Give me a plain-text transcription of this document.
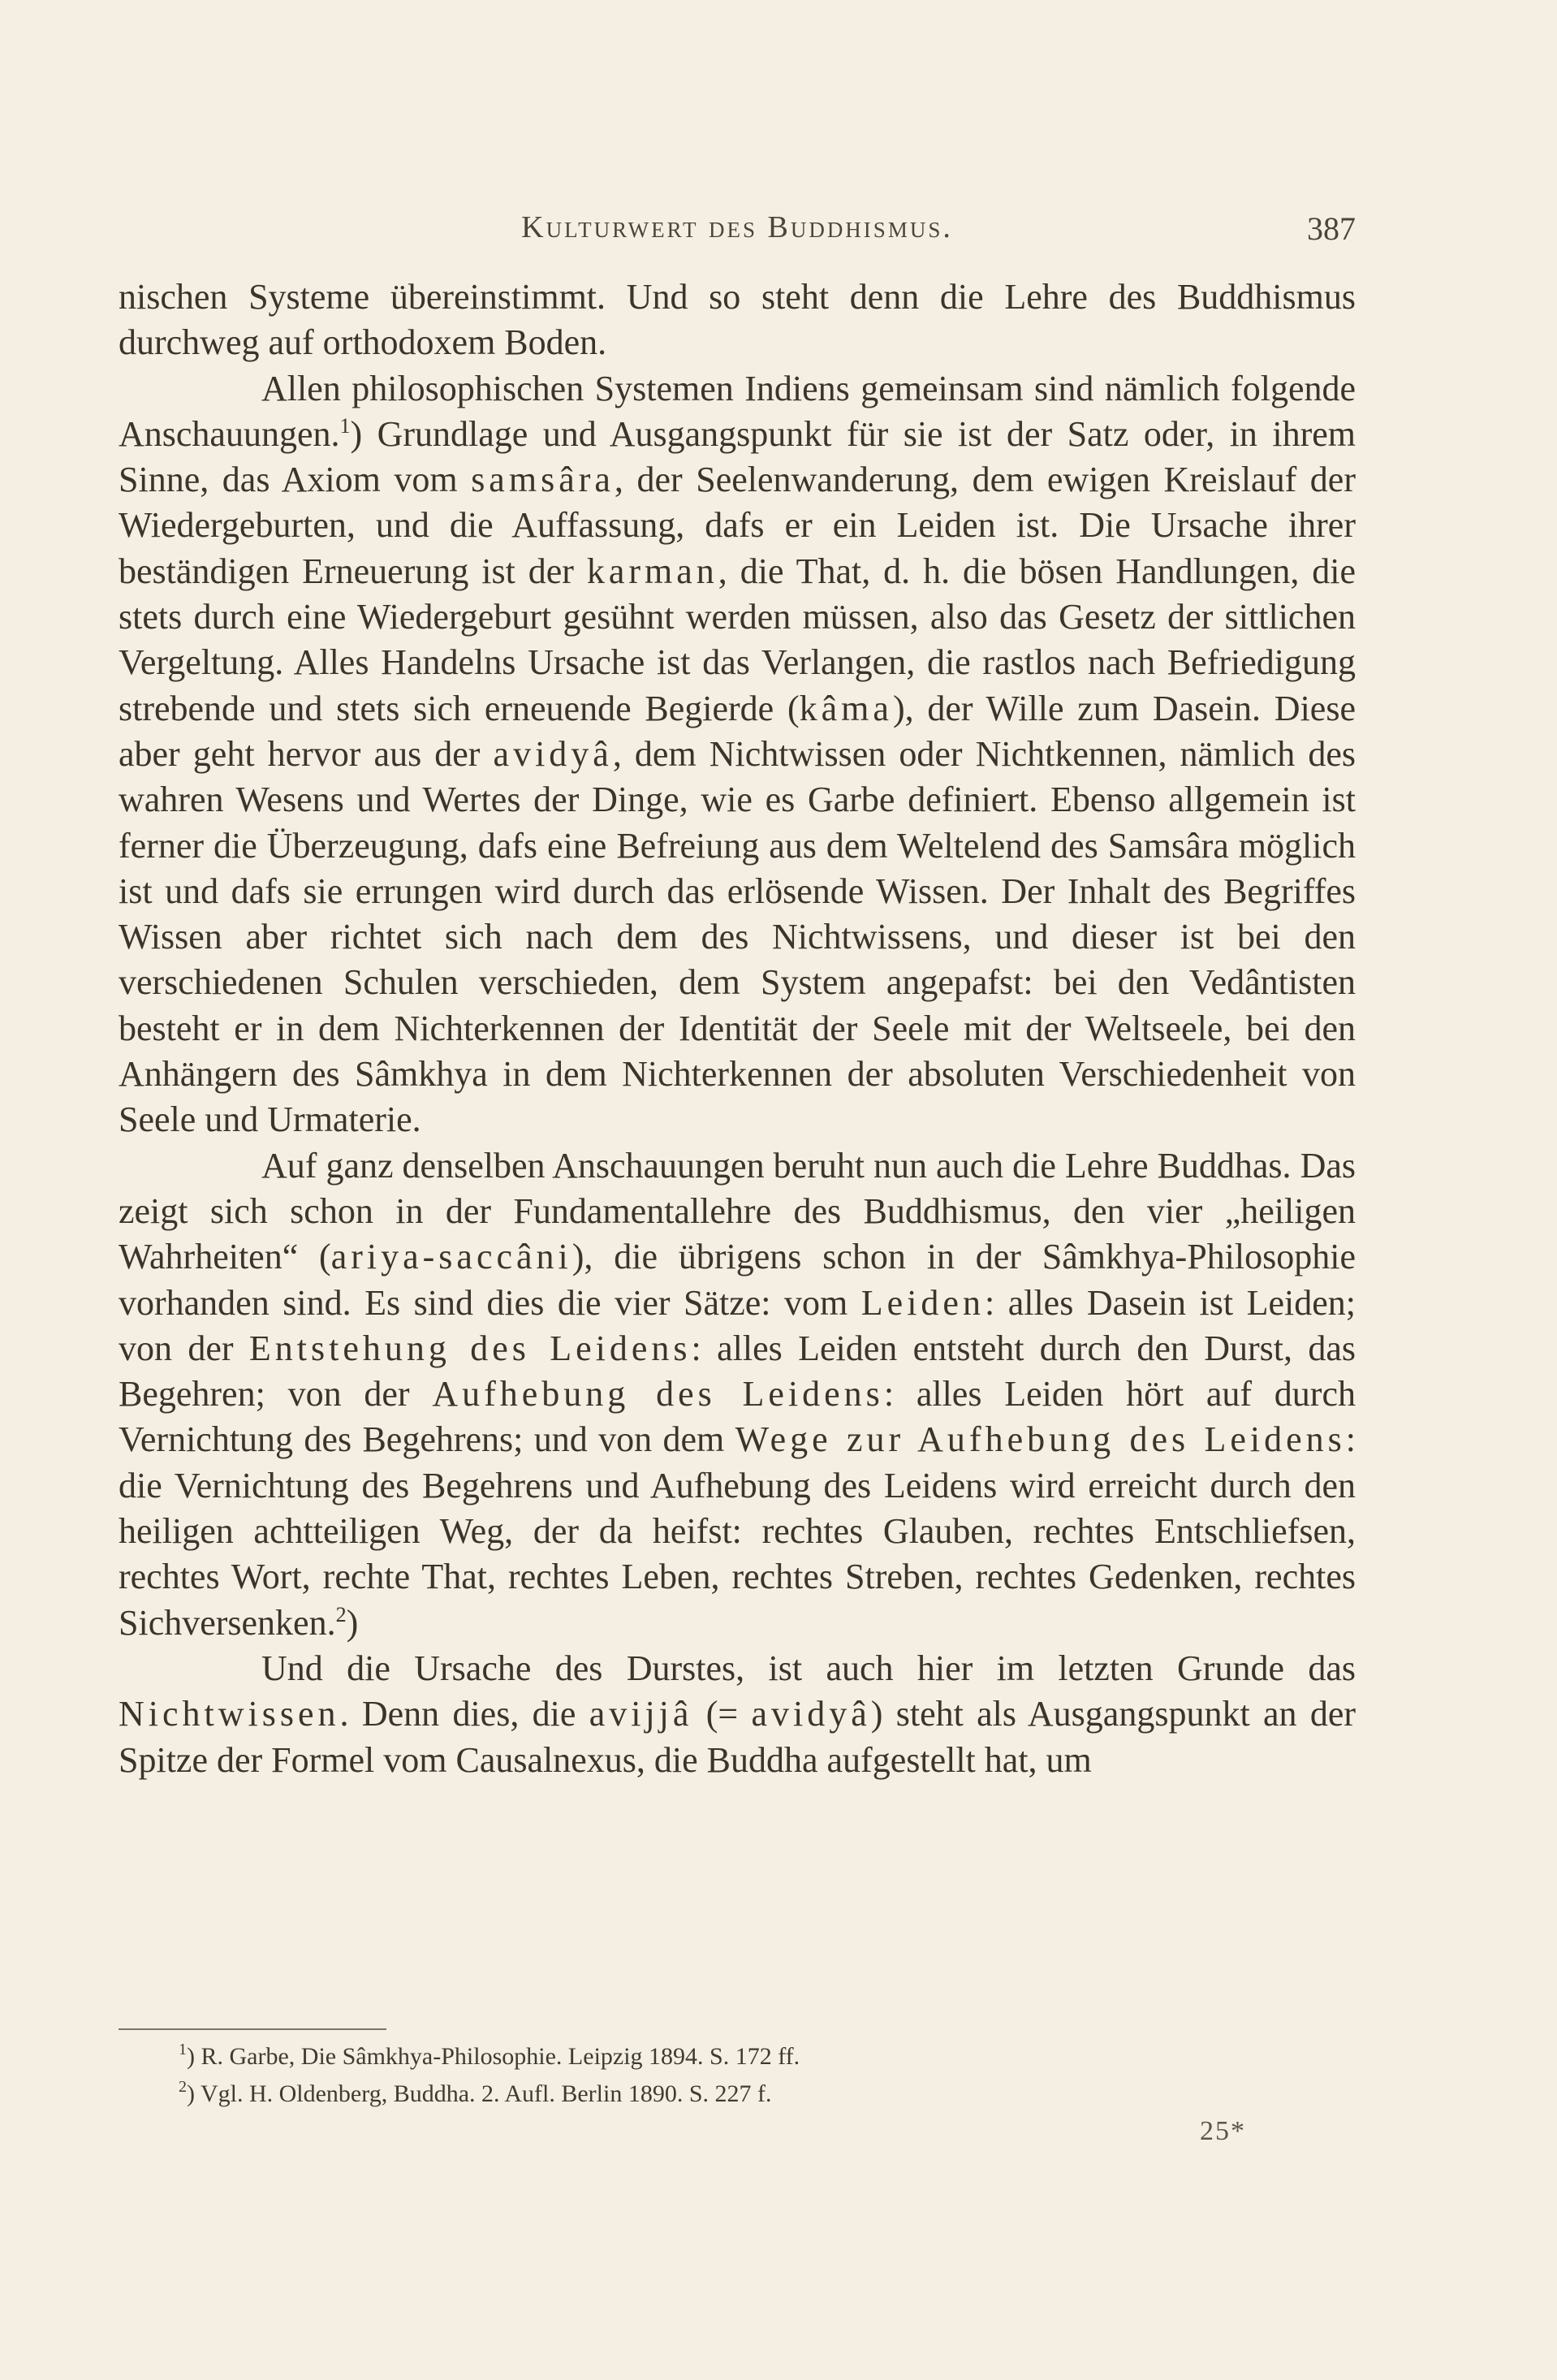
Kulturwert des Buddhismus.	387

nischen Systeme übereinstimmt. Und so steht denn die Lehre des Buddhismus durchweg auf orthodoxem Boden.

Allen philosophischen Systemen Indiens gemeinsam sind nämlich folgende Anschauungen.$^1$) Grundlage und Ausgangspunkt für sie ist der Satz oder, in ihrem Sinne, das Axiom vom samsâra, der Seelenwanderung, dem ewigen Kreislauf der Wiedergeburten, und die Auffassung, dafs er ein Leiden ist. Die Ursache ihrer beständigen Erneuerung ist der karman, die That, d. h. die bösen Handlungen, die stets durch eine Wiedergeburt gesühnt werden müssen, also das Gesetz der sittlichen Vergeltung. Alles Handelns Ursache ist das Verlangen, die rastlos nach Befriedigung strebende und stets sich erneuende Begierde (kâma), der Wille zum Dasein. Diese aber geht hervor aus der avidyâ, dem Nichtwissen oder Nichtkennen, nämlich des wahren Wesens und Wertes der Dinge, wie es Garbe definiert. Ebenso allgemein ist ferner die Überzeugung, dafs eine Befreiung aus dem Weltelend des Samsâra möglich ist und dafs sie errungen wird durch das erlösende Wissen. Der Inhalt des Begriffes Wissen aber richtet sich nach dem des Nichtwissens, und dieser ist bei den verschiedenen Schulen verschieden, dem System angepafst: bei den Vedântisten besteht er in dem Nichterkennen der Identität der Seele mit der Weltseele, bei den Anhängern des Sâmkhya in dem Nichterkennen der absoluten Verschiedenheit von Seele und Urmaterie.

Auf ganz denselben Anschauungen beruht nun auch die Lehre Buddhas. Das zeigt sich schon in der Fundamentallehre des Buddhismus, den vier „heiligen Wahrheiten“ (ariya-saccâni), die übrigens schon in der Sâmkhya-Philosophie vorhanden sind. Es sind dies die vier Sätze: vom Leiden: alles Dasein ist Leiden; von der Entstehung des Leidens: alles Leiden entsteht durch den Durst, das Begehren; von der Aufhebung des Leidens: alles Leiden hört auf durch Vernichtung des Begehrens; und von dem Wege zur Aufhebung des Leidens: die Vernichtung des Begehrens und Aufhebung des Leidens wird erreicht durch den heiligen achtteiligen Weg, der da heifst: rechtes Glauben, rechtes Entschliefsen, rechtes Wort, rechte That, rechtes Leben, rechtes Streben, rechtes Gedenken, rechtes Sichversenken.$^2$)

Und die Ursache des Durstes, ist auch hier im letzten Grunde das Nichtwissen. Denn dies, die avijjâ (= avidyâ) steht als Ausgangspunkt an der Spitze der Formel vom Causalnexus, die Buddha aufgestellt hat, um

$^1$) R. Garbe, Die Sâmkhya-Philosophie. Leipzig 1894. S. 172 ff.

$^2$) Vgl. H. Oldenberg, Buddha. 2. Aufl. Berlin 1890. S. 227 f.

25*
